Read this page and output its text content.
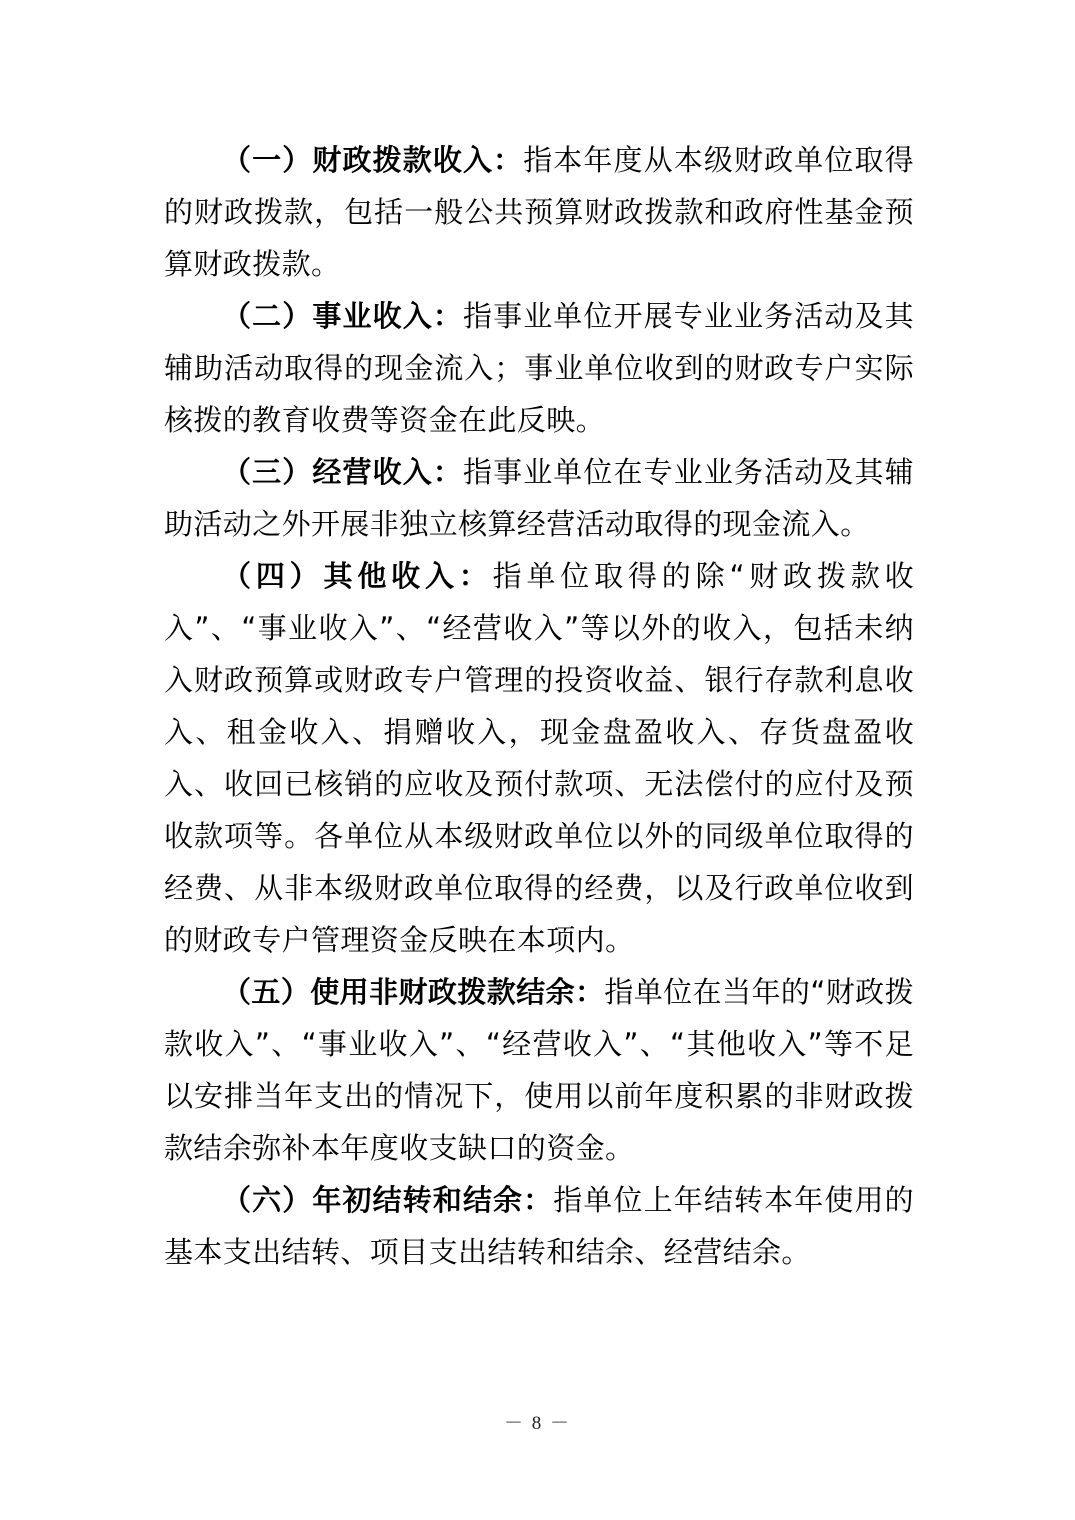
（一）财政拨款收入：指本年度从本级财政单位取得的财政拨款，包括一般公共预算财政拨款和政府性基金预算财政拨款。

（二）事业收入：指事业单位开展专业业务活动及其辅助活动取得的现金流入；事业单位收到的财政专户实际核拨的教育收费等资金在此反映。

（三）经营收入：指事业单位在专业业务活动及其辅助活动之外开展非独立核算经营活动取得的现金流入。

（四）其他收入：指单位取得的除“财政拨款收入”、“事业收入”、“经营收入”等以外的收入，包括未纳入财政预算或财政专户管理的投资收益、银行存款利息收入、租金收入、捐赠收入，现金盘盈收入、存货盘盈收入、收回已核销的应收及预付款项、无法偿付的应付及预收款项等。各单位从本级财政单位以外的同级单位取得的经费、从非本级财政单位取得的经费，以及行政单位收到的财政专户管理资金反映在本项内。

（五）使用非财政拨款结余：指单位在当年的“财政拨款收入”、“事业收入”、“经营收入”、“其他收入”等不足以安排当年支出的情况下，使用以前年度积累的非财政拨款结余弥补本年度收支缺口的资金。

（六）年初结转和结余：指单位上年结转本年使用的基本支出结转、项目支出结转和结余、经营结余。

－ 8 －
